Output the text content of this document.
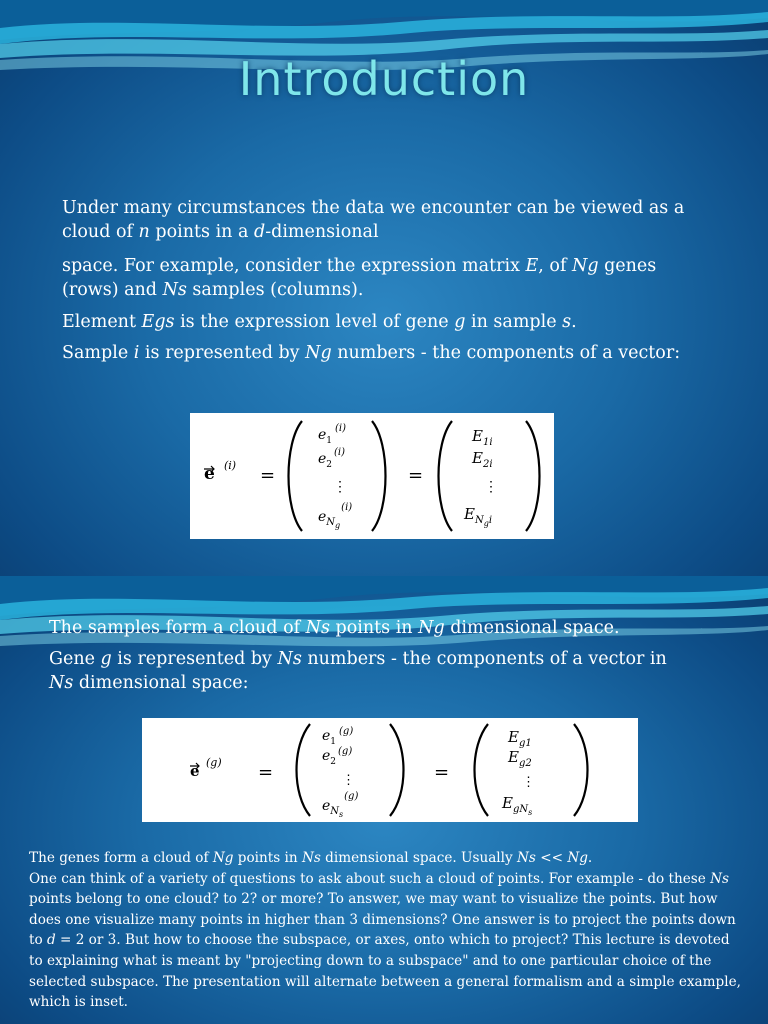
Introduction
Under many circumstances the data we encounter can be viewed as a cloud of n points in a d-dimensional
space. For example, consider the expression matrix E, of Ng genes (rows) and Ns samples (columns).
Element Egs is the expression level of gene g in sample s.
Sample i is represented by Ng numbers - the components of a vector:
e (i) =
$e_1^{(i)}$
$e_2^{(i)}$
⋮
$e_{Ng}^{(i)}$
=
$E_{1i}$
$E_{2i}$
⋮
$E_{Ng}^i$
The samples form a cloud of Ns points in Ng dimensional space.
Gene g is represented by Ns numbers - the components of a vector in
Ns dimensional space:
e (g) =
$e_1^{(g)}$
$e_2^{(g)}$
⋮
$e_{Ns}^{(g)}$
=
$E_{g1}$
$E_{g2}$
⋮
$E_{gNs}$

The genes form a cloud of Ng points in Ns dimensional space. Usually Ns << Ng.

One can think of a variety of questions to ask about such a cloud of points. For example - do these Ns points belong to one cloud? to 2? or more? To answer, we may want to visualize the points. But how does one visualize many points in higher than 3 dimensions? One answer is to project the points down to d = 2 or 3. But how to choose the subspace, or axes, onto which to project? This lecture is devoted to explaining what is meant by "projecting down to a subspace" and to one particular choice of the selected subspace. The presentation will alternate between a general formalism and a simple example, which is inset.
